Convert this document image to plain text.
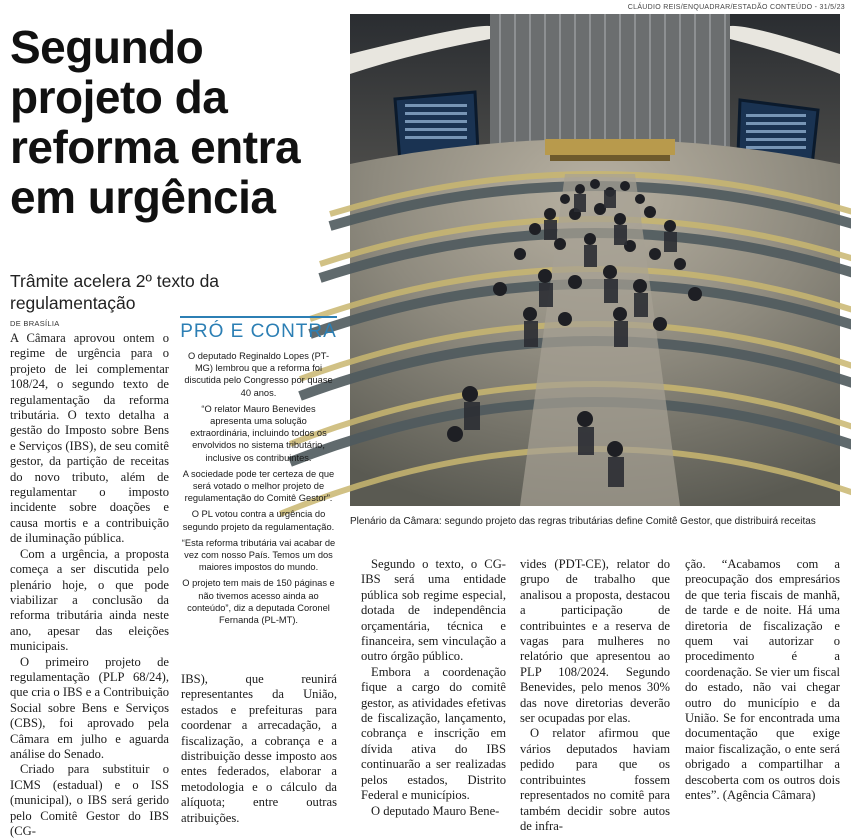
Segundo projeto da reforma entra em urgência

Trâmite acelera 2º texto da regulamentação

CLÁUDIO REIS/ENQUADRAR/ESTADÃO CONTEÚDO - 31/5/23

Plenário da Câmara: segundo projeto das regras tributárias define Comitê Gestor, que distribuirá receitas

DE BRASÍLIA

A Câmara aprovou ontem o regime de urgência para o projeto de lei complementar 108/24, o segundo texto de regulamentação da reforma tributária. O texto detalha a gestão do Imposto sobre Bens e Serviços (IBS), de seu comitê gestor, da partição de receitas do novo tributo, além de regulamentar o imposto incidente sobre doações e causa mortis e a contribuição de iluminação pública.

Com a urgência, a proposta começa a ser discutida pelo plenário hoje, o que pode viabilizar a conclusão da reforma tributária ainda neste ano, apesar das eleições municipais.

O primeiro projeto de regulamentação (PLP 68/24), que cria o IBS e a Contribuição Social sobre Bens e Serviços (CBS), foi aprovado pela Câmara em julho e aguarda análise do Senado.

Criado para substituir o ICMS (estadual) e o ISS (municipal), o IBS será gerido pelo Comitê Gestor do IBS (CG-

PRÓ E CONTRA

O deputado Reginaldo Lopes (PT-MG) lembrou que a reforma foi discutida pelo Congresso por quase 40 anos.

“O relator Mauro Benevides apresenta uma solução extraordinária, incluindo todos os envolvidos no sistema tributário, inclusive os contribuintes.

A sociedade pode ter certeza de que será votado o melhor projeto de regulamentação do Comitê Gestor”.

O PL votou contra a urgência do segundo projeto da regulamentação.

“Esta reforma tributária vai acabar de vez com nosso País. Temos um dos maiores impostos do mundo.

O projeto tem mais de 150 páginas e não tivemos acesso ainda ao conteúdo”, diz a deputada Coronel Fernanda (PL-MT).

IBS), que reunirá representantes da União, estados e prefeituras para coordenar a arrecadação, a fiscalização, a cobrança e a distribuição desse imposto aos entes federados, elaborar a metodologia e o cálculo da alíquota; entre outras atribuições.

Segundo o texto, o CG-IBS será uma entidade pública sob regime especial, dotada de independência orçamentária, técnica e financeira, sem vinculação a outro órgão público.

Embora a coordenação fique a cargo do comitê gestor, as atividades efetivas de fiscalização, lançamento, cobrança e inscrição em dívida ativa do IBS continuarão a ser realizadas pelos estados, Distrito Federal e municípios.

O deputado Mauro Bene-

vides (PDT-CE), relator do grupo de trabalho que analisou a proposta, destacou a participação de contribuintes e a reserva de vagas para mulheres no relatório que apresentou ao PLP 108/2024. Segundo Benevides, pelo menos 30% das nove diretorias deverão ser ocupadas por elas.

O relator afirmou que vários deputados haviam pedido para que os contribuintes fossem representados no comitê para também decidir sobre autos de infra-

ção. “Acabamos com a preocupação dos empresários de que teria fiscais de manhã, de tarde e de noite. Há uma diretoria de fiscalização e quem vai autorizar o procedimento é a coordenação. Se vier um fiscal do estado, não vai chegar outro do município e da União. Se for encontrada uma documentação que exige maior fiscalização, o ente será obrigado a compartilhar a descoberta com os outros dois entes”. (Agência Câmara)
